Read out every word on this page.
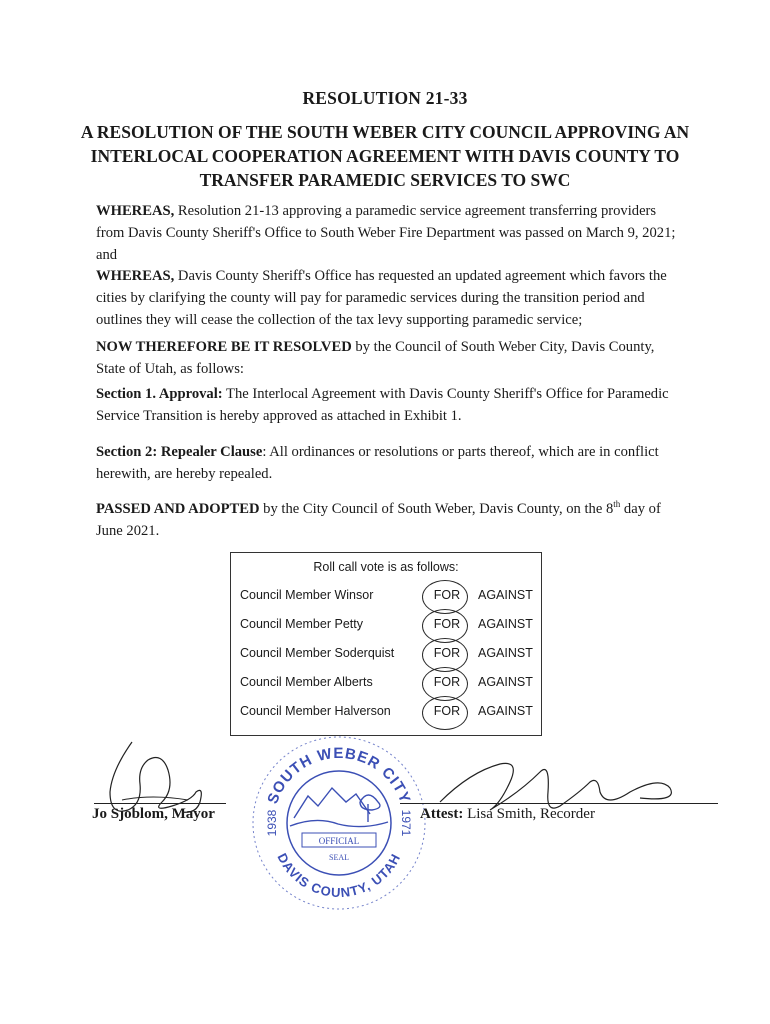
RESOLUTION 21-33
A RESOLUTION OF THE SOUTH WEBER CITY COUNCIL APPROVING AN INTERLOCAL COOPERATION AGREEMENT WITH DAVIS COUNTY TO TRANSFER PARAMEDIC SERVICES TO SWC
WHEREAS, Resolution 21-13 approving a paramedic service agreement transferring providers from Davis County Sheriff's Office to South Weber Fire Department was passed on March 9, 2021; and
WHEREAS, Davis County Sheriff's Office has requested an updated agreement which favors the cities by clarifying the county will pay for paramedic services during the transition period and outlines they will cease the collection of the tax levy supporting paramedic service;
NOW THEREFORE BE IT RESOLVED by the Council of South Weber City, Davis County, State of Utah, as follows:
Section 1. Approval: The Interlocal Agreement with Davis County Sheriff's Office for Paramedic Service Transition is hereby approved as attached in Exhibit 1.
Section 2: Repealer Clause: All ordinances or resolutions or parts thereof, which are in conflict herewith, are hereby repealed.
PASSED AND ADOPTED by the City Council of South Weber, Davis County, on the 8th day of June 2021.
Roll call vote is as follows:
Council Member Winsor	FOR	AGAINST
Council Member Petty	FOR	AGAINST
Council Member Soderquist	FOR	AGAINST
Council Member Alberts	FOR	AGAINST
Council Member Halverson	FOR	AGAINST
SOUTH WEBER CITY
DAVIS COUNTY, UTAH
1938	1971
OFFICIAL
SEAL
Jo Sjoblom, Mayor	Attest: Lisa Smith, Recorder
